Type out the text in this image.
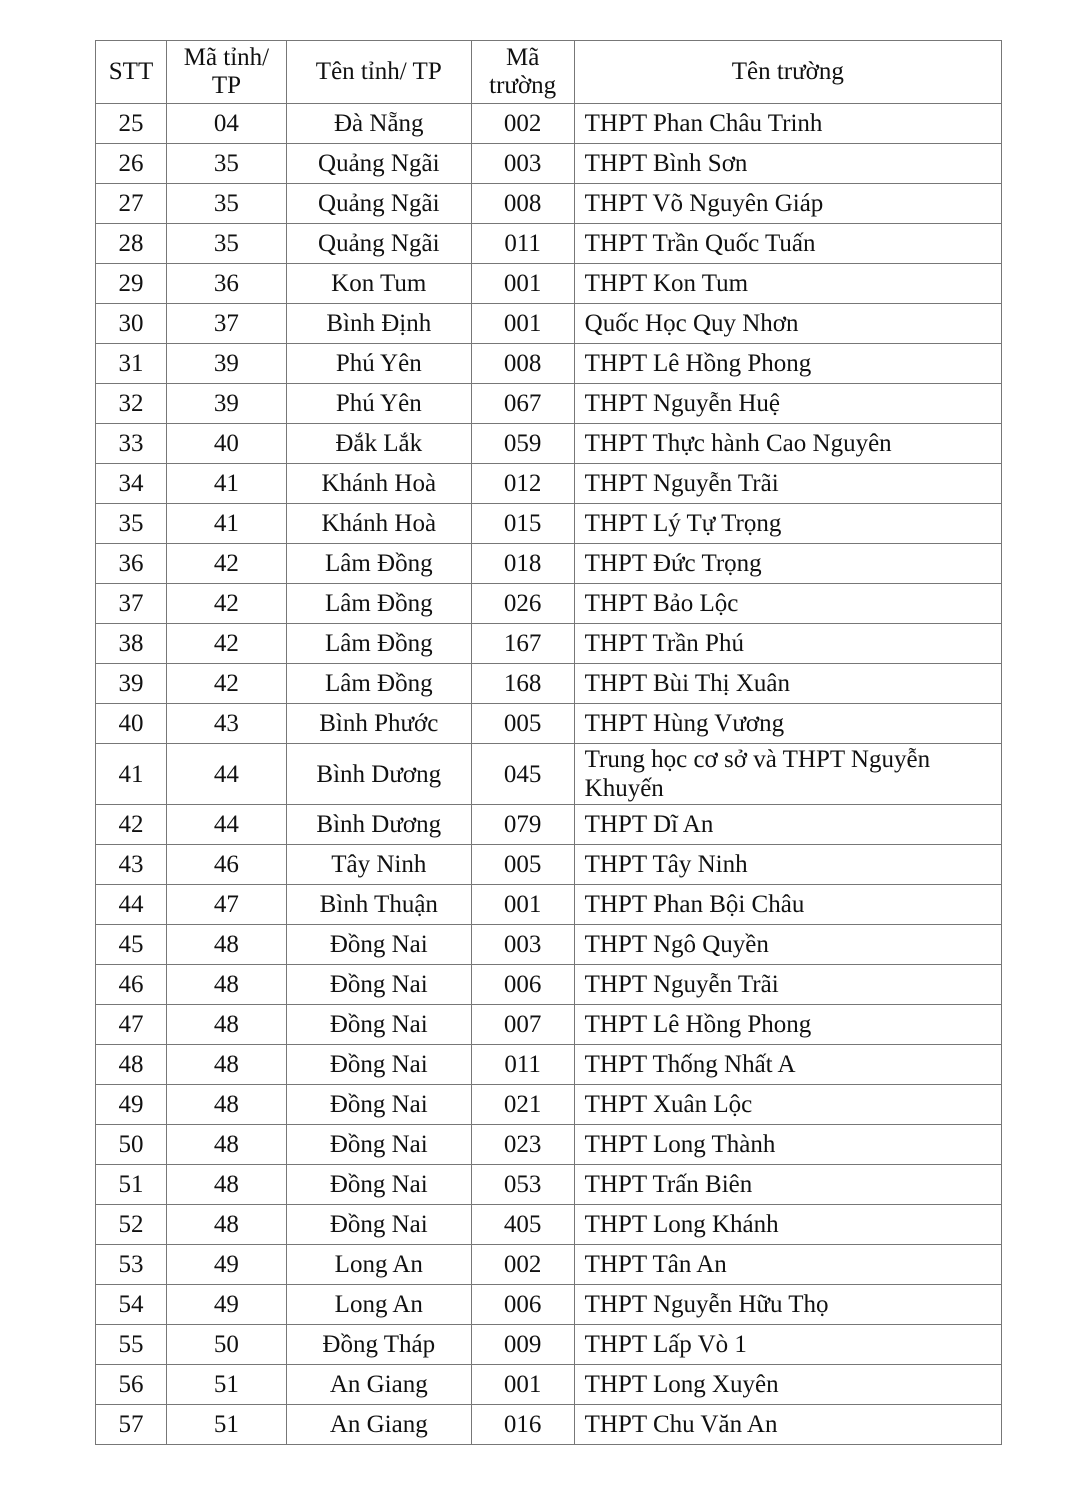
STT	Mã tỉnh/ TP	Tên tỉnh/ TP	Mã trường	Tên trường
25	04	Đà Nẵng	002	THPT Phan Châu Trinh
26	35	Quảng Ngãi	003	THPT Bình Sơn
27	35	Quảng Ngãi	008	THPT Võ Nguyên Giáp
28	35	Quảng Ngãi	011	THPT Trần Quốc Tuấn
29	36	Kon Tum	001	THPT Kon Tum
30	37	Bình Định	001	Quốc Học Quy Nhơn
31	39	Phú Yên	008	THPT Lê Hồng Phong
32	39	Phú Yên	067	THPT Nguyễn Huệ
33	40	Đắk Lắk	059	THPT Thực hành Cao Nguyên
34	41	Khánh Hoà	012	THPT Nguyễn Trãi
35	41	Khánh Hoà	015	THPT Lý Tự Trọng
36	42	Lâm Đồng	018	THPT Đức Trọng
37	42	Lâm Đồng	026	THPT Bảo Lộc
38	42	Lâm Đồng	167	THPT Trần Phú
39	42	Lâm Đồng	168	THPT Bùi Thị Xuân
40	43	Bình Phước	005	THPT Hùng Vương
41	44	Bình Dương	045	Trung học cơ sở và THPT Nguyễn Khuyến
42	44	Bình Dương	079	THPT Dĩ An
43	46	Tây Ninh	005	THPT Tây Ninh
44	47	Bình Thuận	001	THPT Phan Bội Châu
45	48	Đồng Nai	003	THPT Ngô Quyền
46	48	Đồng Nai	006	THPT Nguyễn Trãi
47	48	Đồng Nai	007	THPT Lê Hồng Phong
48	48	Đồng Nai	011	THPT Thống Nhất A
49	48	Đồng Nai	021	THPT Xuân Lộc
50	48	Đồng Nai	023	THPT Long Thành
51	48	Đồng Nai	053	THPT Trấn Biên
52	48	Đồng Nai	405	THPT Long Khánh
53	49	Long An	002	THPT Tân An
54	49	Long An	006	THPT Nguyễn Hữu Thọ
55	50	Đồng Tháp	009	THPT Lấp Vò 1
56	51	An Giang	001	THPT Long Xuyên
57	51	An Giang	016	THPT Chu Văn An
